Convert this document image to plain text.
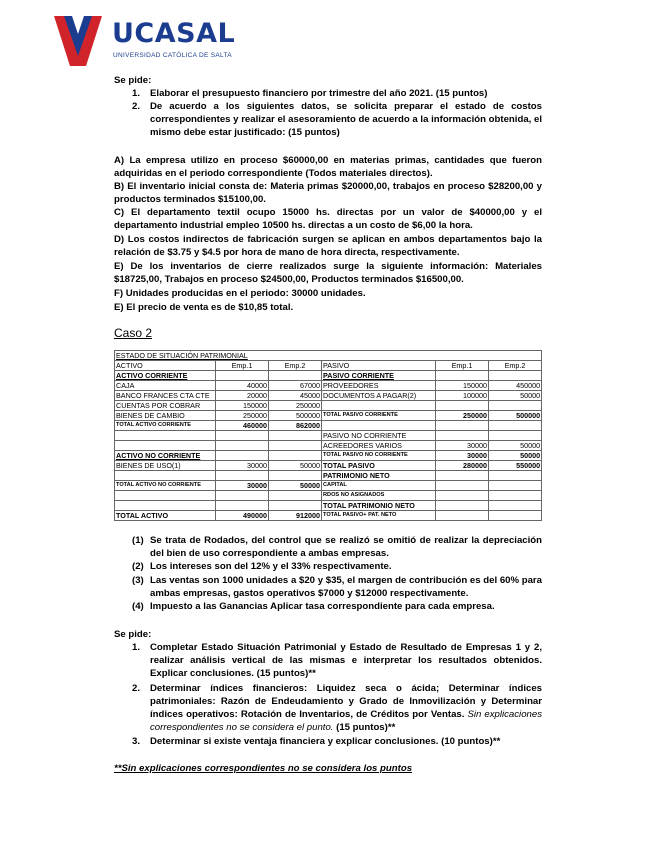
UCASAL
UNIVERSIDAD CATÓLICA DE SALTA
Se pide:
1. Elaborar el presupuesto financiero por trimestre del año 2021. (15 puntos)
2. De acuerdo a los siguientes datos, se solicita preparar el estado de costos correspondientes y realizar el asesoramiento de acuerdo a la información obtenida, el mismo debe estar justificado: (15 puntos)
A) La empresa utilizo en proceso $60000,00 en materias primas, cantidades que fueron adquiridas en el periodo correspondiente (Todos materiales directos).
B) El inventario inicial consta de: Materia primas $20000,00, trabajos en proceso $28200,00 y productos terminados $15100,00.
C) El departamento textil ocupo 15000 hs. directas por un valor de $40000,00 y el departamento industrial empleo 10500 hs. directas a un costo de $6,00 la hora.
D) Los costos indirectos de fabricación surgen se aplican en ambos departamentos bajo la relación de $3.75 y $4.5 por hora de mano de hora directa, respectivamente.
E) De los inventarios de cierre realizados surge la siguiente información: Materiales $18725,00, Trabajos en proceso $24500,00, Productos terminados $16500,00.
F) Unidades producidas en el periodo: 30000 unidades.
E) El precio de venta es de $10,85 total.
Caso 2
ESTADO DE SITUACIÓN PATRIMONIAL					
ACTIVO	Emp.1	Emp.2	PASIVO	Emp.1	Emp.2
ACTIVO CORRIENTE			PASIVO CORRIENTE		
CAJA	40000	67000	PROVEEDORES	150000	450000
BANCO FRANCES CTA CTE	20000	45000	DOCUMENTOS A PAGAR(2)	100000	50000
CUENTAS POR COBRAR	150000	250000			
BIENES DE CAMBIO	250000	500000	TOTAL PASIVO CORRIENTE	250000	500000
TOTAL ACTIVO CORRIENTE	460000	862000			
			PASIVO NO CORRIENTE		
			ACREEDORES VARIOS	30000	50000
ACTIVO NO CORRIENTE			TOTAL PASIVO NO CORRIENTE	30000	50000
BIENES DE USO(1)	30000	50000	TOTAL PASIVO	280000	550000
			PATRIMONIO NETO		
TOTAL ACTIVO NO CORRIENTE	30000	50000	CAPITAL		
			RDOS NO ASIGNADOS		
			TOTAL PATRIMONIO NETO		
TOTAL ACTIVO	490000	912000	TOTAL PASIVO+ PAT. NETO		
(1) Se trata de Rodados, del control que se realizó se omitió de realizar la depreciación del bien de uso correspondiente a ambas empresas.
(2) Los intereses son del 12% y el 33% respectivamente.
(3) Las ventas son 1000 unidades a $20 y $35, el margen de contribución es del 60% para ambas empresas, gastos operativos $7000 y $12000 respectivamente.
(4) Impuesto a las Ganancias Aplicar tasa correspondiente para cada empresa.
Se pide:
1. Completar Estado Situación Patrimonial y Estado de Resultado de Empresas 1 y 2, realizar análisis vertical de las mismas e interpretar los resultados obtenidos. Explicar conclusiones. (15 puntos)**
2. Determinar índices financieros: Liquidez seca o ácida; Determinar índices patrimoniales: Razón de Endeudamiento y Grado de Inmovilización y Determinar índices operativos: Rotación de Inventarios, de Créditos por Ventas. Sin explicaciones correspondientes no se considera el punto. (15 puntos)**
3. Determinar si existe ventaja financiera y explicar conclusiones. (10 puntos)**
**Sin explicaciones correspondientes no se considera los puntos
